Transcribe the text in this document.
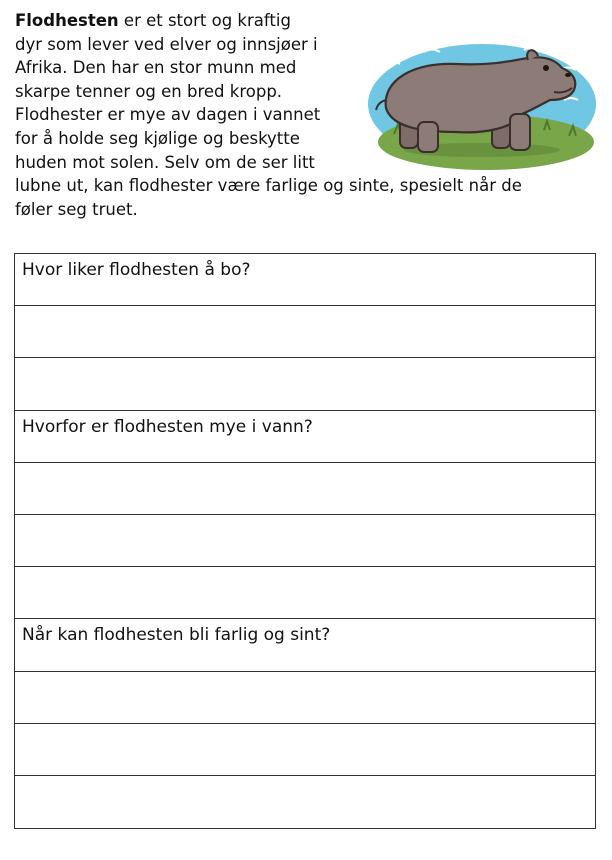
Flodhesten er et stort og kraftig
dyr som lever ved elver og innsjøer i
Afrika. Den har en stor munn med
skarpe tenner og en bred kropp.
Flodhester er mye av dagen i vannet
for å holde seg kjølige og beskytte
huden mot solen. Selv om de ser litt
lubne ut, kan flodhester være farlige og sinte, spesielt når de
føler seg truet.
Hvor liker flodhesten å bo?
Hvorfor er flodhesten mye i vann?
Når kan flodhesten bli farlig og sint?
